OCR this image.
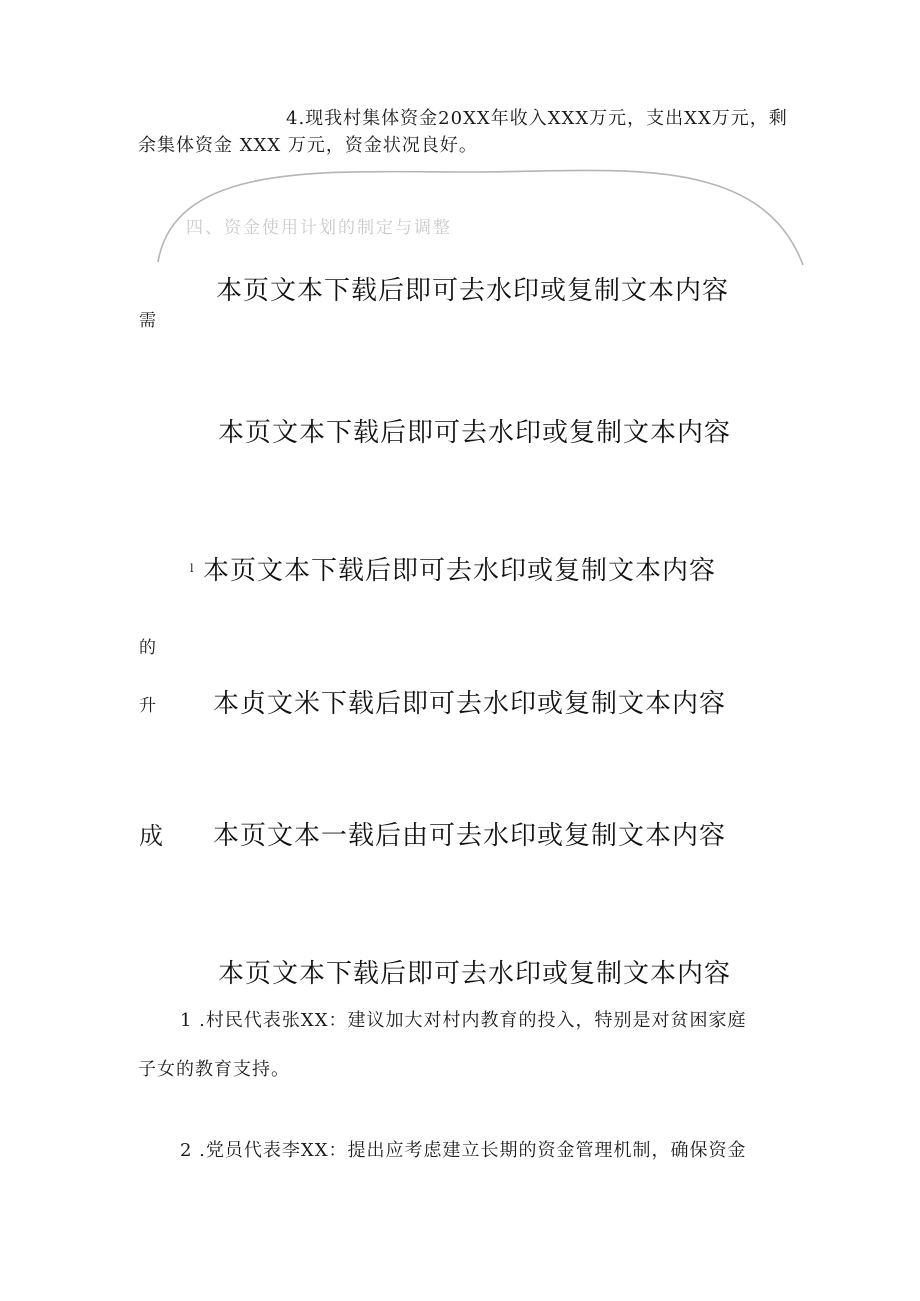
4.现我村集体资金20XX年收入XXX万元，支出XX万元，剩
余集体资金 XXX 万元，资金状况良好。
四、资金使用计划的制定与调整
本页文本下载后即可去水印或复制文本内容
需
本页文本下载后即可去水印或复制文本内容
l 本页文本下载后即可去水印或复制文本内容
的
升 本贞文米下载后即可去水印或复制文本内容
成 本页文本一载后由可去水印或复制文本内容
本页文本下载后即可去水印或复制文本内容
1 .村民代表张XX：建议加大对村内教育的投入，特别是对贫困家庭
子女的教育支持。
2 .党员代表李XX：提出应考虑建立长期的资金管理机制，确保资金
